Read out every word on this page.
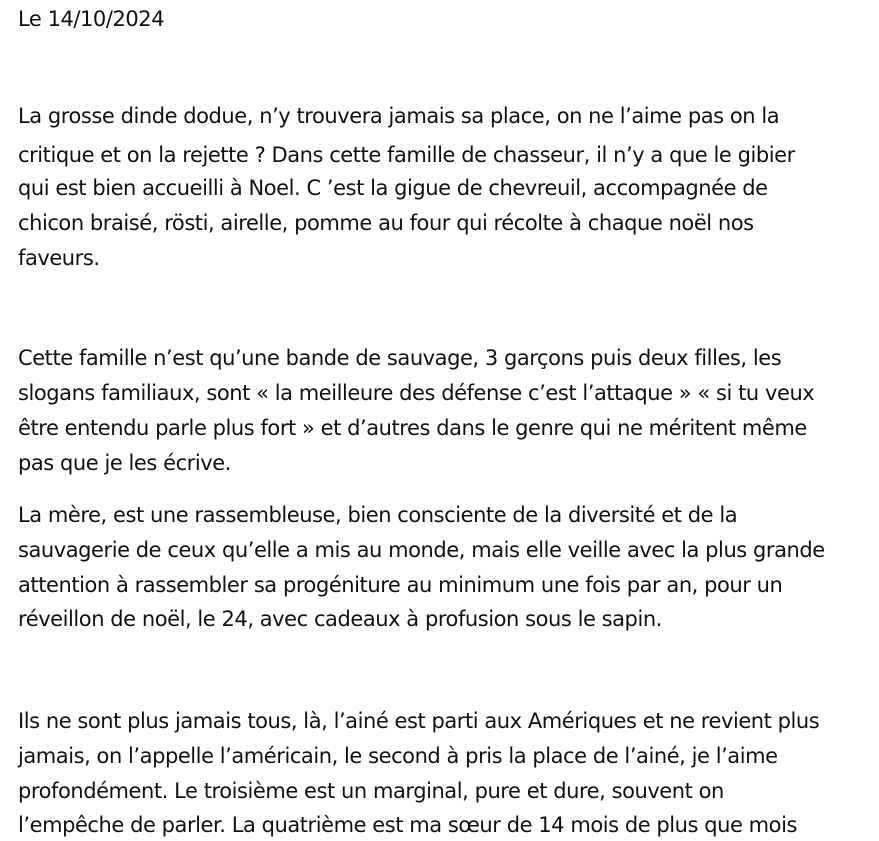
Le 14/10/2024
La grosse dinde dodue, n’y trouvera jamais sa place, on ne l’aime pas on la
critique et on la rejette ? Dans cette famille de chasseur, il n’y a que le gibier
qui est bien accueilli à Noel. C ’est la gigue de chevreuil, accompagnée de
chicon braisé, rösti, airelle, pomme au four qui récolte à chaque noël nos
faveurs.
Cette famille n’est qu’une bande de sauvage, 3 garçons puis deux filles, les
slogans familiaux, sont « la meilleure des défense c’est l’attaque » « si tu veux
être entendu parle plus fort » et d’autres dans le genre qui ne méritent même
pas que je les écrive.
La mère, est une rassembleuse, bien consciente de la diversité et de la
sauvagerie de ceux qu’elle a mis au monde, mais elle veille avec la plus grande
attention à rassembler sa progéniture au minimum une fois par an, pour un
réveillon de noël, le 24, avec cadeaux à profusion sous le sapin.
Ils ne sont plus jamais tous, là, l’ainé est parti aux Amériques et ne revient plus
jamais, on l’appelle l’américain, le second à pris la place de l’ainé, je l’aime
profondément. Le troisième est un marginal, pure et dure, souvent on
l’empêche de parler. La quatrième est ma sœur de 14 mois de plus que mois
